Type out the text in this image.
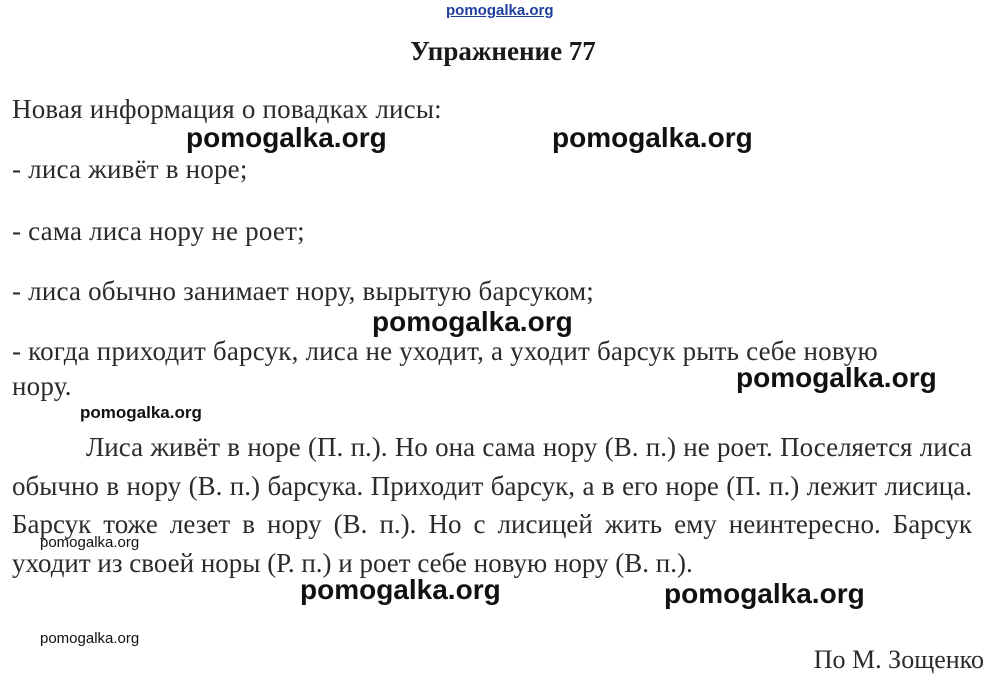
pomogalka.org
Упражнение 77
Новая информация о повадках лисы:
- лиса живёт в норе;
- сама лиса нору не роет;
- лиса обычно занимает нору, вырытую барсуком;
- когда приходит барсук, лиса не уходит, а уходит барсук рыть себе новую
нору.
Лиса живёт в норе (П. п.). Но она сама нору (В. п.) не роет. Поселяется лиса обычно в нору (В. п.) барсука. Приходит барсук, а в его норе (П. п.) лежит лисица. Барсук тоже лезет в нору (В. п.). Но с лисицей жить ему неинтересно. Барсук уходит из своей норы (Р. п.) и роет себе новую нору (В. п.).
По М. Зощенко
pomogalka.org	pomogalka.org
pomogalka.org
pomogalka.org
pomogalka.org
pomogalka.org
pomogalka.org	pomogalka.org
pomogalka.org
